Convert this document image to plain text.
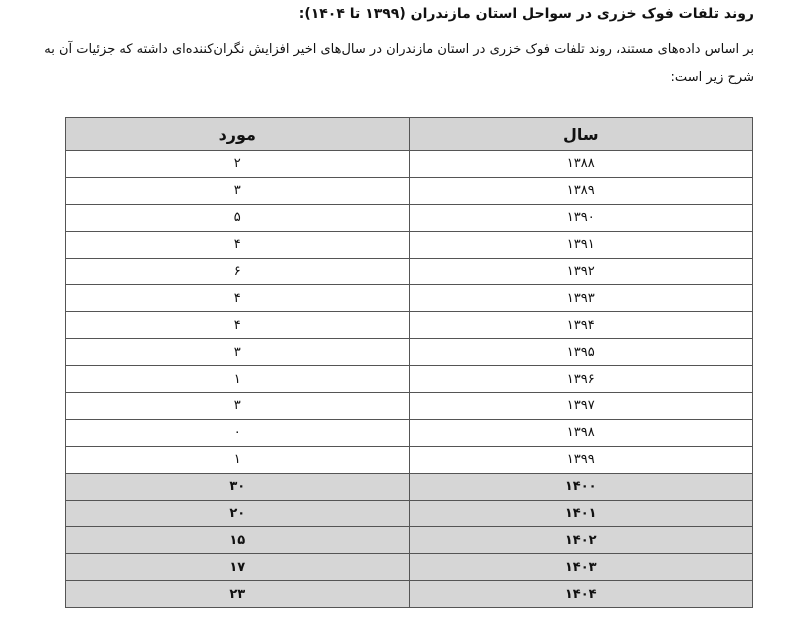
روند تلفات فوک خزری در سواحل استان مازندران (۱۳۹۹ تا ۱۴۰۴):
بر اساس داده‌های مستند، روند تلفات فوک خزری در استان مازندران در سال‌های اخیر افزایش نگران‌کننده‌ای داشته که جزئیات آن به شرح زیر است:
سال	مورد
۱۳۸۸	۲
۱۳۸۹	۳
۱۳۹۰	۵
۱۳۹۱	۴
۱۳۹۲	۶
۱۳۹۳	۴
۱۳۹۴	۴
۱۳۹۵	۳
۱۳۹۶	۱
۱۳۹۷	۳
۱۳۹۸	۰
۱۳۹۹	۱
۱۴۰۰	۳۰
۱۴۰۱	۲۰
۱۴۰۲	۱۵
۱۴۰۳	۱۷
۱۴۰۴	۲۳
